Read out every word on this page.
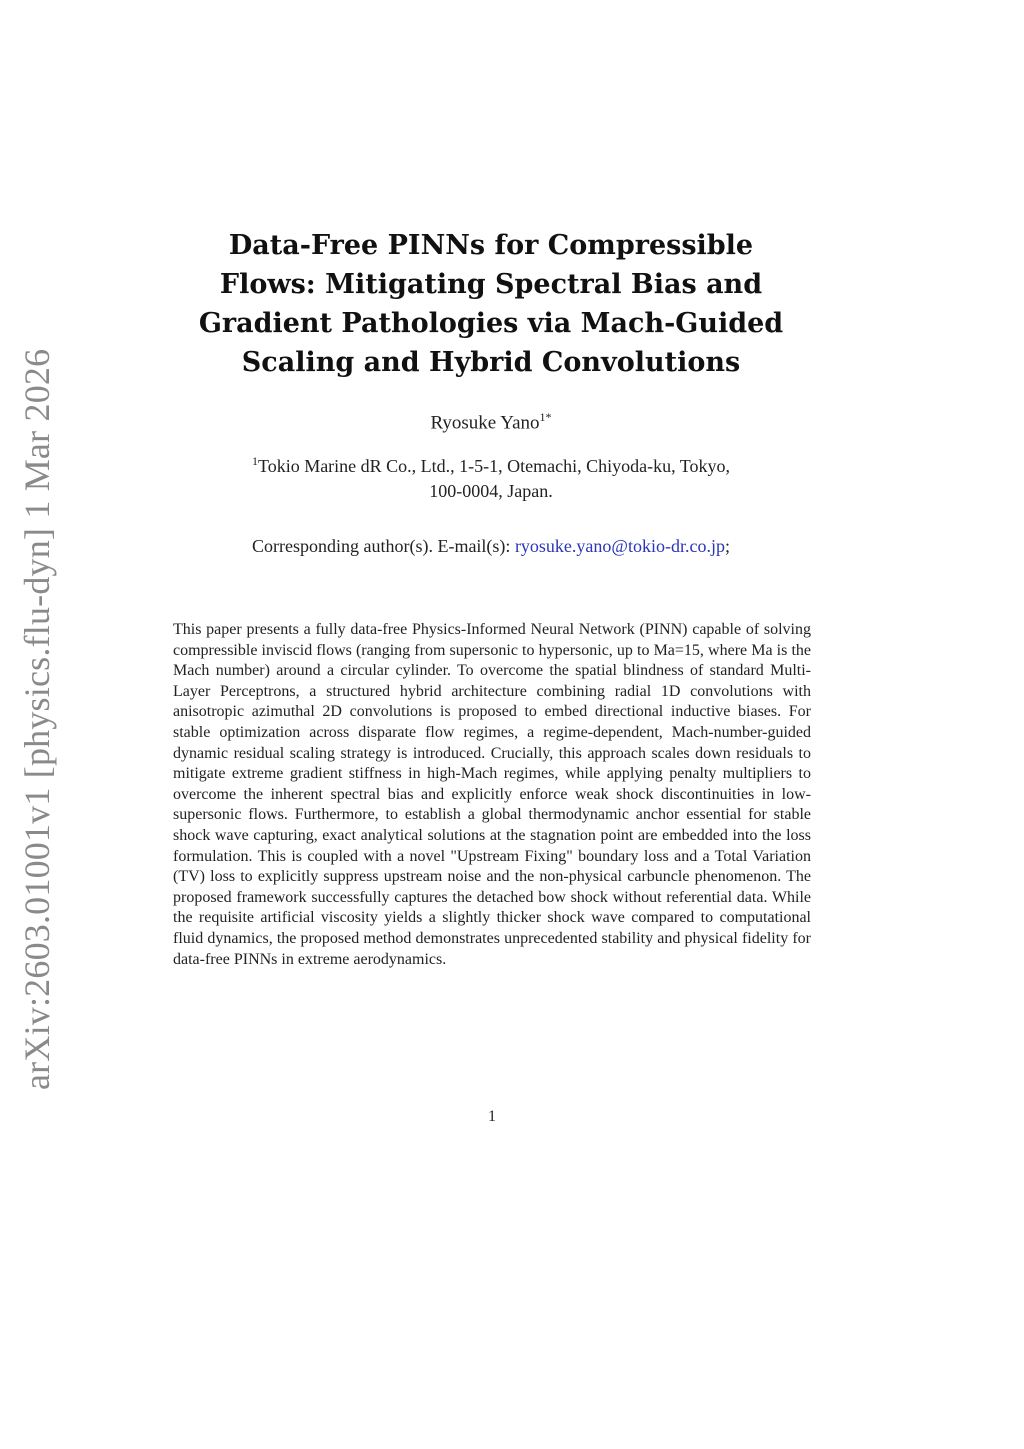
arXiv:2603.01001v1 [physics.flu-dyn] 1 Mar 2026
Data-Free PINNs for Compressible
Flows: Mitigating Spectral Bias and
Gradient Pathologies via Mach-Guided
Scaling and Hybrid Convolutions
Ryosuke Yano$^{1*}$
$^1$Tokio Marine dR Co., Ltd., 1-5-1, Otemachi, Chiyoda-ku, Tokyo,
100-0004, Japan.
Corresponding author(s). E-mail(s): ryosuke.yano@tokio-dr.co.jp;
This paper presents a fully data-free Physics-Informed Neural Network (PINN) capable of solving compressible inviscid flows (ranging from supersonic to hypersonic, up to Ma=15, where Ma is the Mach number) around a circular cylinder. To overcome the spatial blindness of standard Multi-Layer Perceptrons, a structured hybrid architecture combining radial 1D convolutions with anisotropic azimuthal 2D convolutions is proposed to embed directional inductive biases. For stable optimization across disparate flow regimes, a regime-dependent, Mach-number-guided dynamic residual scaling strategy is introduced. Crucially, this approach scales down residuals to mitigate extreme gradient stiffness in high-Mach regimes, while applying penalty multipliers to overcome the inherent spectral bias and explicitly enforce weak shock discontinuities in low-supersonic flows. Furthermore, to establish a global thermodynamic anchor essential for stable shock wave capturing, exact analytical solutions at the stagnation point are embedded into the loss formulation. This is coupled with a novel "Upstream Fixing" boundary loss and a Total Variation (TV) loss to explicitly suppress upstream noise and the non-physical carbuncle phenomenon. The proposed framework successfully captures the detached bow shock without referential data. While the requisite artificial viscosity yields a slightly thicker shock wave compared to computational fluid dynamics, the proposed method demonstrates unprecedented stability and physical fidelity for data-free PINNs in extreme aerodynamics.
1
